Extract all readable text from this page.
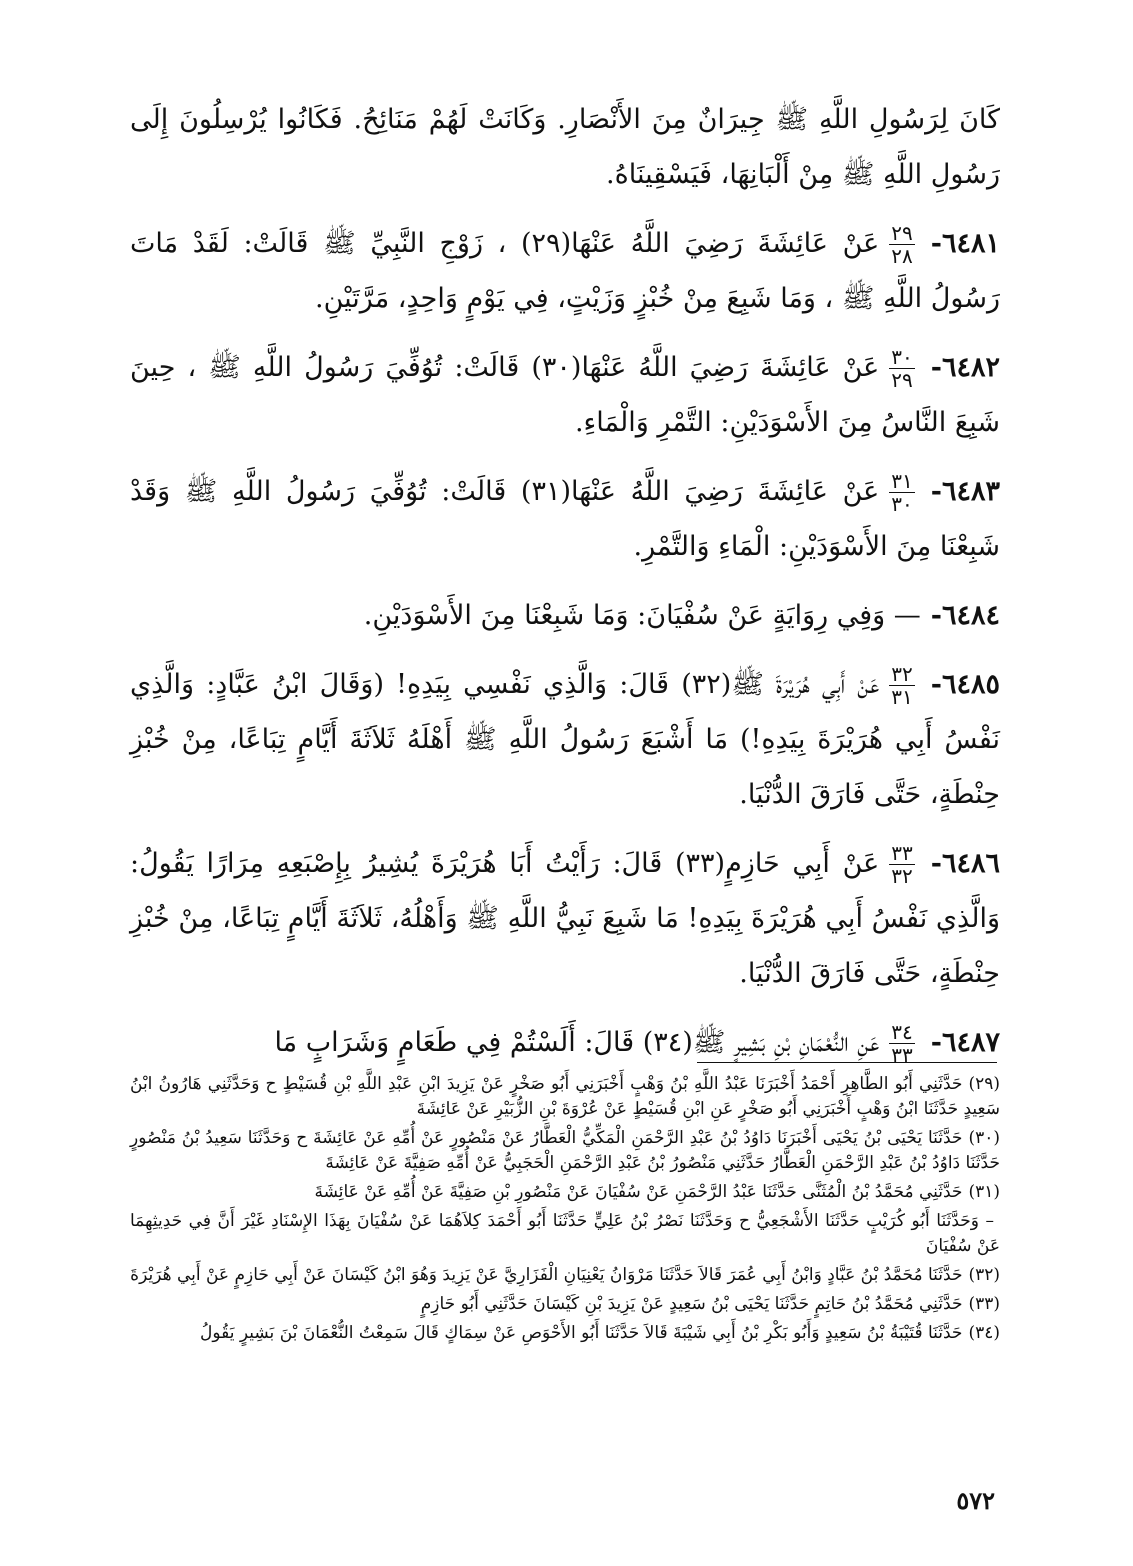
كَانَ لِرَسُولِ اللَّهِ ﷺ جِيرَانٌ مِنَ الأَنْصَارِ. وَكَانَتْ لَهُمْ مَنَائِحُ. فَكَانُوا يُرْسِلُونَ إِلَى رَسُولِ اللَّهِ ﷺ مِنْ أَلْبَانِهَا، فَيَسْقِينَاهُ.

٦٤٨١-
$\frac{٢٩}{٢٨}$
عَنْ عَائِشَةَ رَضِيَ اللَّهُ عَنْهَا(٢٩) ، زَوْجِ النَّبِيِّ ﷺ قَالَتْ: لَقَدْ مَاتَ رَسُولُ اللَّهِ ﷺ ، وَمَا شَبِعَ مِنْ خُبْزٍ وَزَيْتٍ، فِي يَوْمٍ وَاحِدٍ، مَرَّتَيْنِ.

٦٤٨٢-
$\frac{٣٠}{٢٩}$
عَنْ عَائِشَةَ رَضِيَ اللَّهُ عَنْهَا(٣٠) قَالَتْ: تُوُفِّيَ رَسُولُ اللَّهِ ﷺ ، حِينَ شَبِعَ النَّاسُ مِنَ الأَسْوَدَيْنِ: التَّمْرِ وَالْمَاءِ.

٦٤٨٣-
$\frac{٣١}{٣٠}$
عَنْ عَائِشَةَ رَضِيَ اللَّهُ عَنْهَا(٣١) قَالَتْ: تُوُفِّيَ رَسُولُ اللَّهِ ﷺ وَقَدْ شَبِعْنَا مِنَ الأَسْوَدَيْنِ: الْمَاءِ وَالتَّمْرِ.

٦٤٨٤-— وَفِي رِوَايَةٍ عَنْ سُفْيَانَ: وَمَا شَبِعْنَا مِنَ الأَسْوَدَيْنِ.

٦٤٨٥-
$\frac{٣٢}{٣١}$
عَنْ أَبِي هُرَيْرَةَ ﷺ(٣٢) قَالَ: وَالَّذِي نَفْسِي بِيَدِهِ! (وَقَالَ ابْنُ عَبَّادٍ: وَالَّذِي نَفْسُ أَبِي هُرَيْرَةَ بِيَدِهِ!) مَا أَشْبَعَ رَسُولُ اللَّهِ ﷺ أَهْلَهُ ثَلاَثَةَ أَيَّامٍ تِبَاعًا، مِنْ خُبْزِ حِنْطَةٍ، حَتَّى فَارَقَ الدُّنْيَا.

٦٤٨٦-
$\frac{٣٣}{٣٢}$
عَنْ أَبِي حَازِمٍ(٣٣) قَالَ: رَأَيْتُ أَبَا هُرَيْرَةَ يُشِيرُ بِإِصْبَعِهِ مِرَارًا يَقُولُ: وَالَّذِي نَفْسُ أَبِي هُرَيْرَةَ بِيَدِهِ! مَا شَبِعَ نَبِيُّ اللَّهِ ﷺ وَأَهْلُهُ، ثَلاَثَةَ أَيَّامٍ تِبَاعًا، مِنْ خُبْزِ حِنْطَةٍ، حَتَّى فَارَقَ الدُّنْيَا.

٦٤٨٧-
$\frac{٣٤}{٣٣}$
عَنِ النُّعْمَانِ بْنِ بَشِيرٍ ﷺ(٣٤) قَالَ: أَلَسْتُمْ فِي طَعَامٍ وَشَرَابٍ مَا

(٢٩)حَدَّثَنِي أَبُو الطَّاهِرِ أَحْمَدُ أَخْبَرَنَا عَبْدُ اللَّهِ بْنُ وَهْبٍ أَخْبَرَنِي أَبُو صَخْرٍ عَنْ يَزِيدَ ابْنِ عَبْدِ اللَّهِ بْنِ قُسَيْطٍ ح وَحَدَّثَنِي هَارُونُ ابْنُ سَعِيدٍ حَدَّثَنَا ابْنُ وَهْبٍ أَخْبَرَنِي أَبُو صَخْرٍ عَنِ ابْنِ قُسَيْطٍ عَنْ عُرْوَةَ بْنِ الزُّبَيْرِ عَنْ عَائِشَةَ

(٣٠)حَدَّثَنَا يَحْيَى بْنُ يَحْيَى أَخْبَرَنَا دَاوُدُ بْنُ عَبْدِ الرَّحْمَنِ الْمَكِّيُّ الْعَطَّارُ عَنْ مَنْصُورٍ عَنْ أُمِّهِ عَنْ عَائِشَةَ ح وَحَدَّثَنَا سَعِيدُ بْنُ مَنْصُورٍ حَدَّثَنَا دَاوُدُ بْنُ عَبْدِ الرَّحْمَنِ الْعَطَّارُ حَدَّثَنِي مَنْصُورُ بْنُ عَبْدِ الرَّحْمَنِ الْحَجَبِيُّ عَنْ أُمِّهِ صَفِيَّةَ عَنْ عَائِشَةَ

(٣١)حَدَّثَنِي مُحَمَّدُ بْنُ الْمُثَنَّى حَدَّثَنَا عَبْدُ الرَّحْمَنِ عَنْ سُفْيَانَ عَنْ مَنْصُورِ بْنِ صَفِيَّةَ عَنْ أُمِّهِ عَنْ عَائِشَةَ

– وَحَدَّثَنَا أَبُو كُرَيْبٍ حَدَّثَنَا الأَشْجَعِيُّ ح وَحَدَّثَنَا نَصْرُ بْنُ عَلِيٍّ حَدَّثَنَا أَبُو أَحْمَدَ كِلاَهُمَا عَنْ سُفْيَانَ بِهَذَا الإِسْنَادِ غَيْرَ أَنَّ فِي حَدِيثِهِمَا عَنْ سُفْيَانَ

(٣٢)حَدَّثَنَا مُحَمَّدُ بْنُ عَبَّادٍ وَابْنُ أَبِي عُمَرَ قَالاَ حَدَّثَنَا مَرْوَانُ يَعْنِيَانِ الْفَزَارِيَّ عَنْ يَزِيدَ وَهُوَ ابْنُ كَيْسَانَ عَنْ أَبِي حَازِمٍ عَنْ أَبِي هُرَيْرَةَ

(٣٣)حَدَّثَنِي مُحَمَّدُ بْنُ حَاتِمٍ حَدَّثَنَا يَحْيَى بْنُ سَعِيدٍ عَنْ يَزِيدَ بْنِ كَيْسَانَ حَدَّثَنِي أَبُو حَازِمٍ

(٣٤)حَدَّثَنَا قُتَيْبَةُ بْنُ سَعِيدٍ وَأَبُو بَكْرِ بْنُ أَبِي شَيْبَةَ قَالاَ حَدَّثَنَا أَبُو الأَحْوَصِ عَنْ سِمَاكٍ قَالَ سَمِعْتُ النُّعْمَانَ بْنَ بَشِيرٍ يَقُولُ

٥٧٢
